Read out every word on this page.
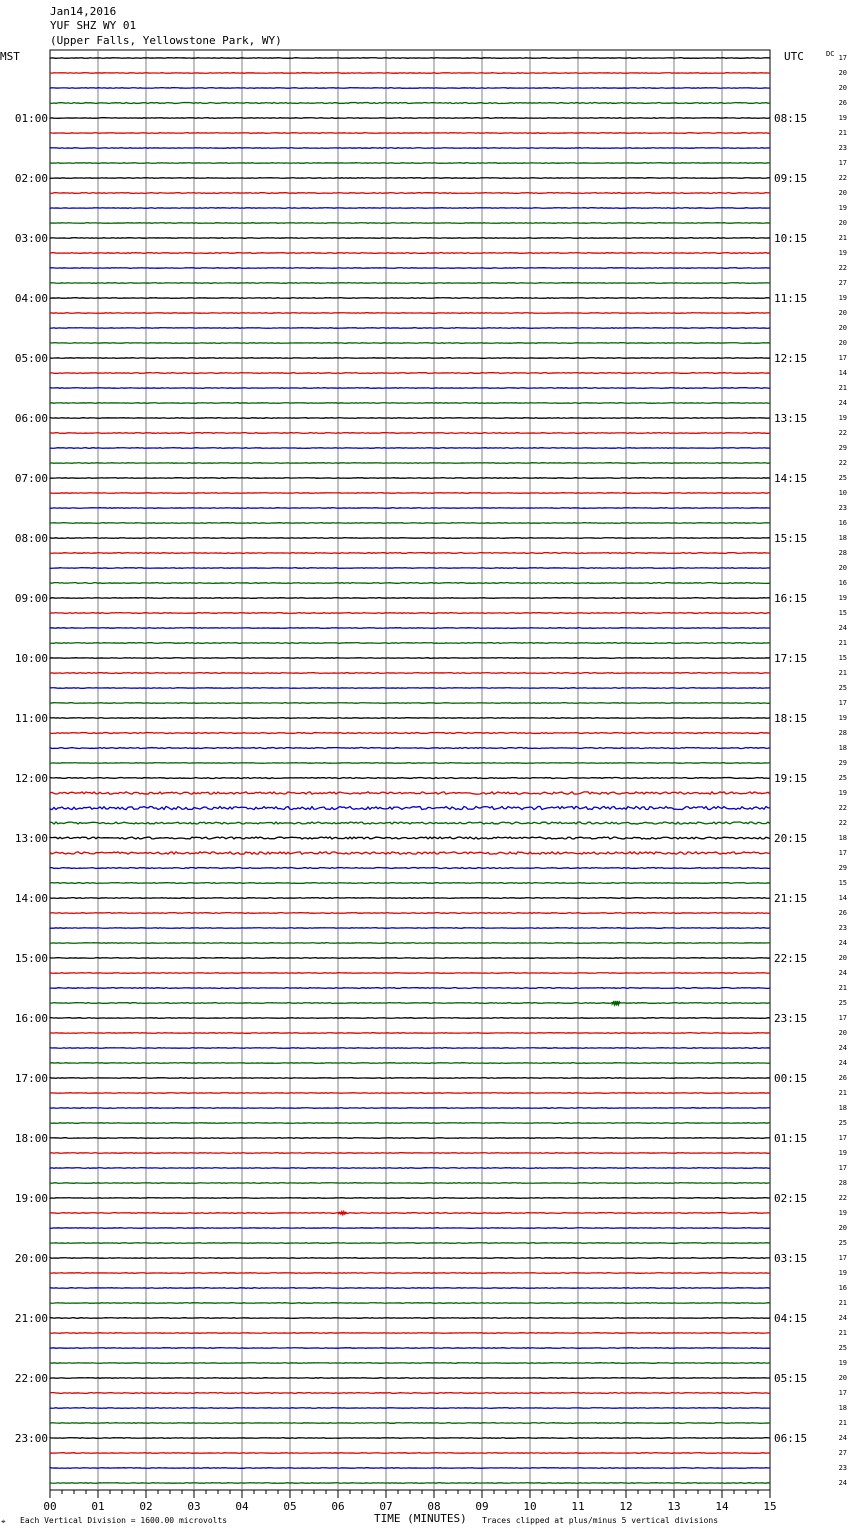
Jan14,2016
YUF SHZ WY 01
(Upper Falls, Yellowstone Park, WY)
MST	UTC	DC 17
20
20
26
19
21
23
17
22
20
19
20
21
19
22
27
19
20
20
20
17
14
21
24
19
22
29
22
25
10
23
16
18
28
20
16
19
15
24
21
15
21
25
17
19
28
18
29
25
19
22
22
18
17
29
15
14
26
23
24
20
24
21
25
17
20
24
24
26
21
18
25
17
19
17
28
22
19
20
25
17
19
16
21
24
21
25
19
20
17
18
21
24
27
23
24
01:00
02:00
03:00
04:00
05:00
06:00
07:00
08:00
09:00
10:00
11:00
12:00
13:00
14:00
15:00
16:00
17:00
18:00
19:00
20:00
21:00
22:00
23:00
08:15
09:15
10:15
11:15
12:15
13:15
14:15
15:15
16:15
17:15
18:15
19:15
20:15
21:15
22:15
23:15
00:15
01:15
02:15
03:15
04:15
05:15
06:15
00	01	02	03	04	05	06	07	08	09	10	11	12	13	14	15
TIME (MINUTES)
⌖ Each Vertical Division = 1600.00 microvolts	Traces clipped at plus/minus 5 vertical divisions
